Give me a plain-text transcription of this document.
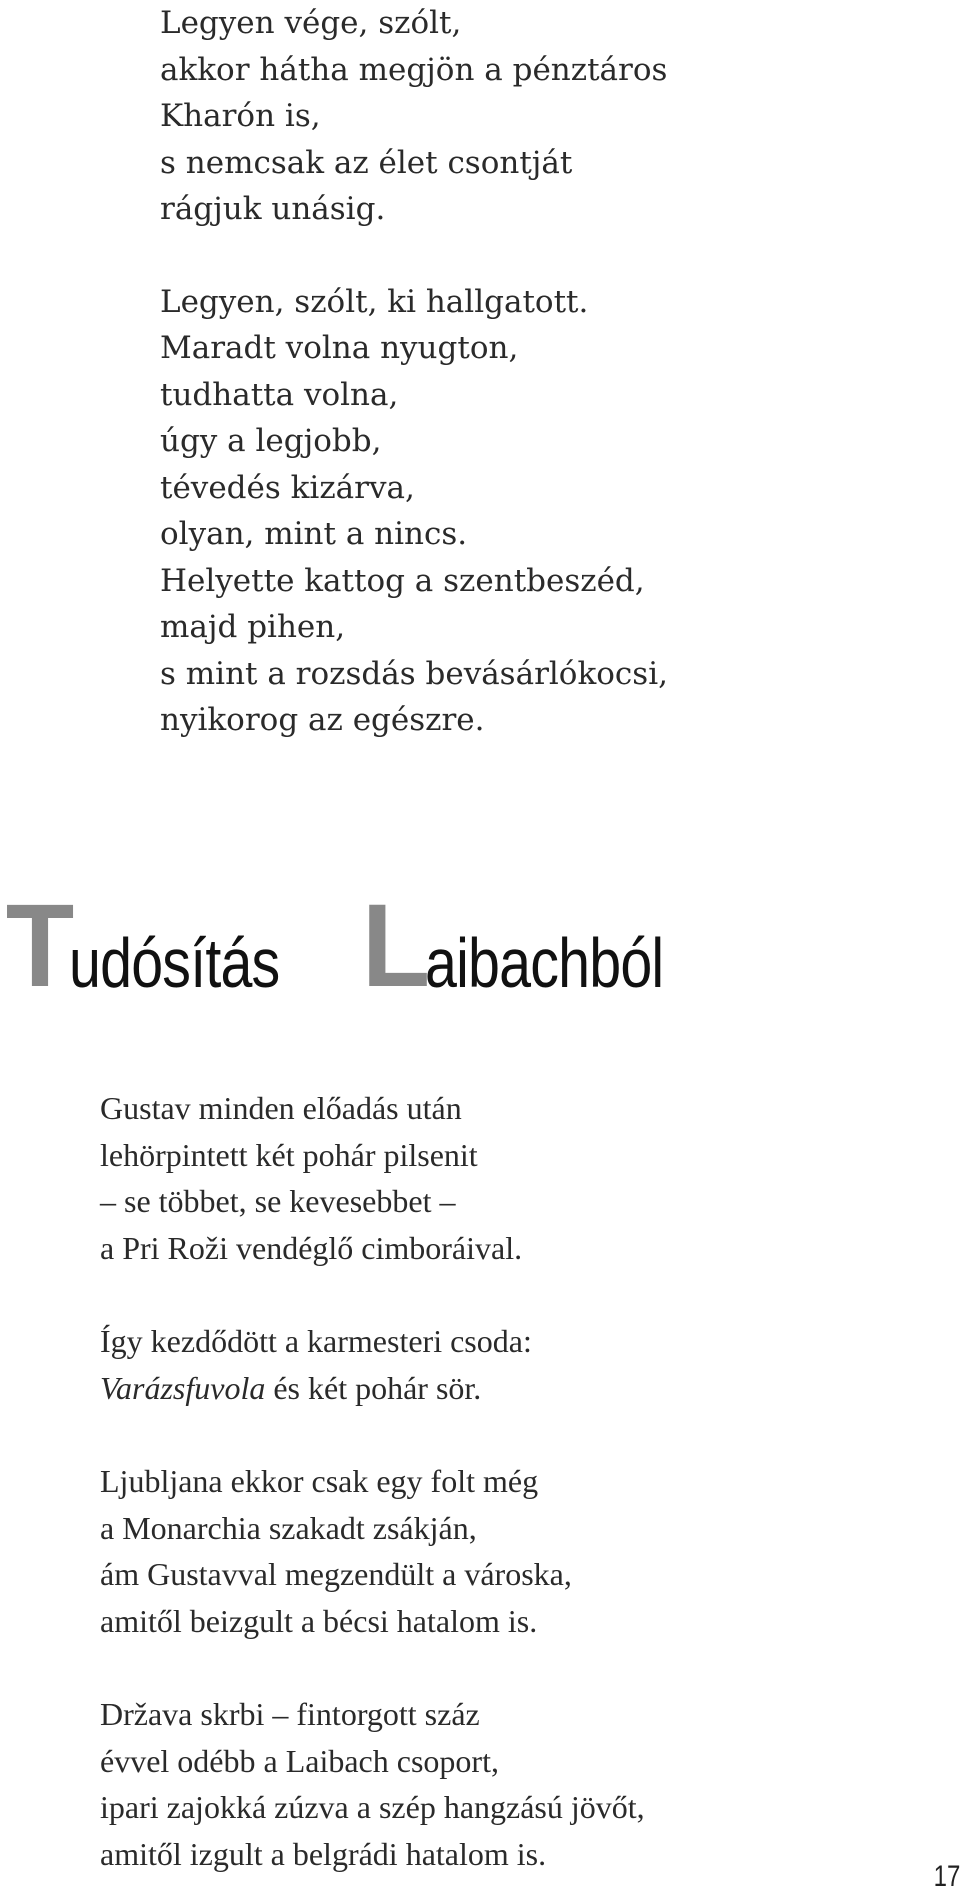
Legyen vége, szólt,
akkor hátha megjön a pénztáros
Kharón is,
s nemcsak az élet csontját
rágjuk unásig.

Legyen, szólt, ki hallgatott.
Maradt volna nyugton,
tudhatta volna,
úgy a legjobb,
tévedés kizárva,
olyan, mint a nincs.
Helyette kattog a szentbeszéd,
majd pihen,
s mint a rozsdás bevásárlókocsi,
nyikorog az egészre.

Tudósítás Laibachból

Gustav minden előadás után
lehörpintett két pohár pilsenit
– se többet, se kevesebbet –
a Pri Roži vendéglő cimboráival.

Így kezdődött a karmesteri csoda:
Varázsfuvola és két pohár sör.

Ljubljana ekkor csak egy folt még
a Monarchia szakadt zsákján,
ám Gustavval megzendült a városka,
amitől beizgult a bécsi hatalom is.

Država skrbi – fintorgott száz
évvel odébb a Laibach csoport,
ipari zajokká zúzva a szép hangzású jövőt,
amitől izgult a belgrádi hatalom is.

17
